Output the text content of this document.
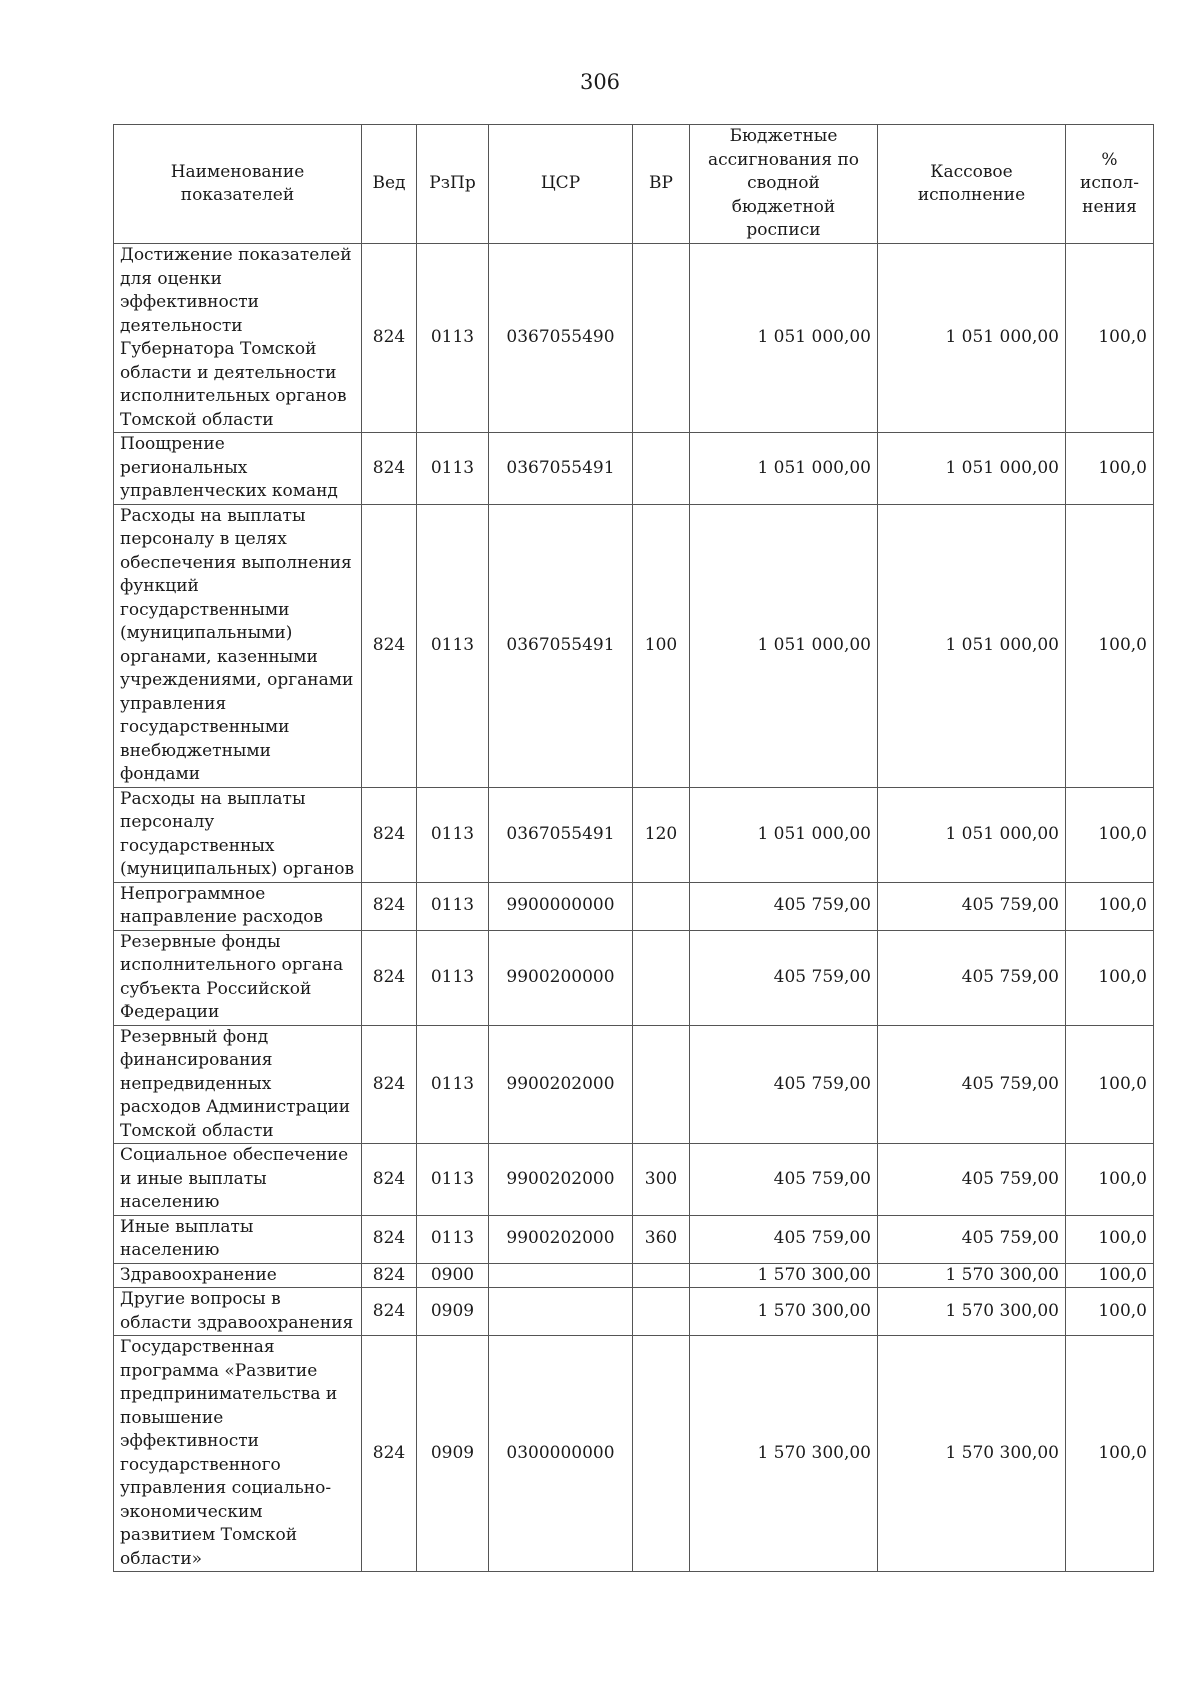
306
Наименование показателей	Вед	РзПр	ЦСР	ВР	Бюджетные ассигнования по сводной бюджетной росписи	Кассовое исполнение	% испол-нения
Достижение показателей для оценки эффективности деятельности Губернатора Томской области и деятельности исполнительных органов Томской области	824	0113	0367055490		1 051 000,00	1 051 000,00	100,0
Поощрение региональных управленческих команд	824	0113	0367055491		1 051 000,00	1 051 000,00	100,0
Расходы на выплаты персоналу в целях обеспечения выполнения функций государственными (муниципальными) органами, казенными учреждениями, органами управления государственными внебюджетными фондами	824	0113	0367055491	100	1 051 000,00	1 051 000,00	100,0
Расходы на выплаты персоналу государственных (муниципальных) органов	824	0113	0367055491	120	1 051 000,00	1 051 000,00	100,0
Непрограммное направление расходов	824	0113	9900000000		405 759,00	405 759,00	100,0
Резервные фонды исполнительного органа субъекта Российской Федерации	824	0113	9900200000		405 759,00	405 759,00	100,0
Резервный фонд финансирования непредвиденных расходов Администрации Томской области	824	0113	9900202000		405 759,00	405 759,00	100,0
Социальное обеспечение и иные выплаты населению	824	0113	9900202000	300	405 759,00	405 759,00	100,0
Иные выплаты населению	824	0113	9900202000	360	405 759,00	405 759,00	100,0
Здравоохранение	824	0900			1 570 300,00	1 570 300,00	100,0
Другие вопросы в области здравоохранения	824	0909			1 570 300,00	1 570 300,00	100,0
Государственная программа «Развитие предпринимательства и повышение эффективности государственного управления социально-экономическим развитием Томской области»	824	0909	0300000000		1 570 300,00	1 570 300,00	100,0
